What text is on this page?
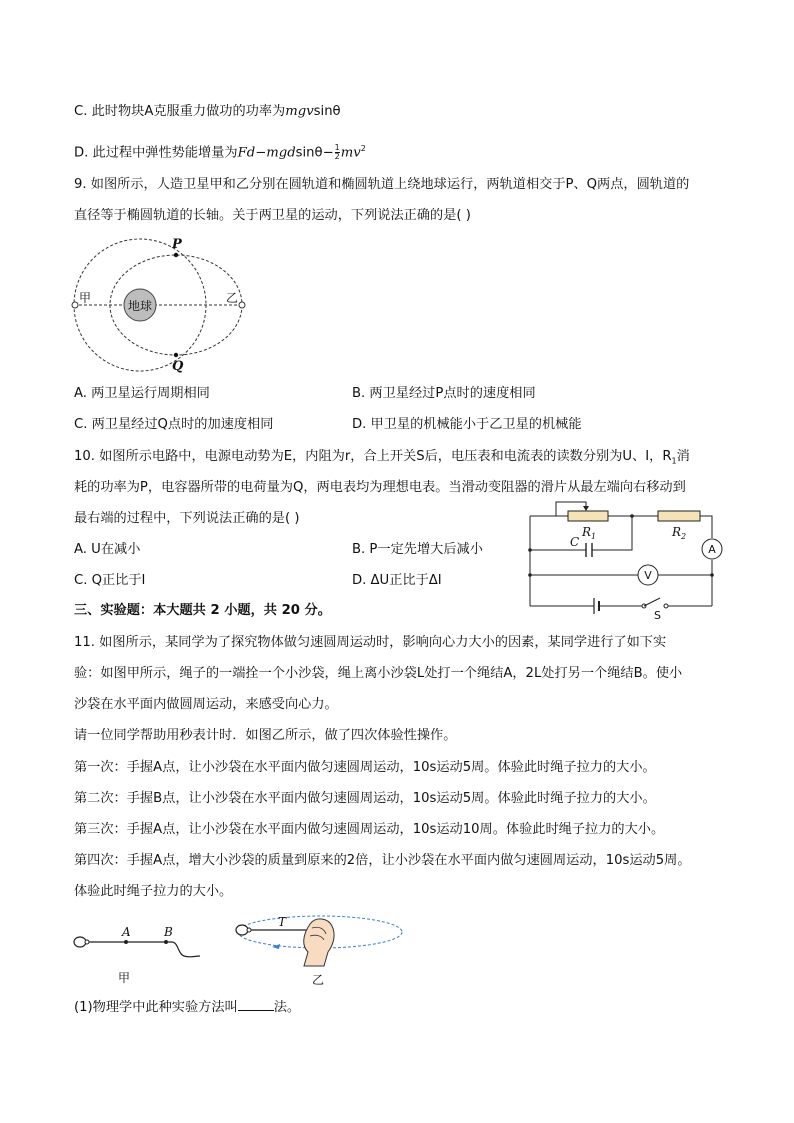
C. 此时物块A克服重力做功的功率为mgvsinθ
D. 此过程中弹性势能增量为$Fd-mgdsin\theta- \frac{1}{2} mv^2$
9. 如图所示，人造卫星甲和乙分别在圆轨道和椭圆轨道上绕地球运行，两轨道相交于P、Q两点，圆轨道的
直径等于椭圆轨道的长轴。关于两卫星的运动，下列说法正确的是( )
地球
甲	乙
P
Q
A. 两卫星运行周期相同	B. 两卫星经过P点时的速度相同
C. 两卫星经过Q点时的加速度相同	D. 甲卫星的机械能小于乙卫星的机械能
10. 如图所示电路中，电源电动势为E，内阻为r，合上开关S后，电压表和电流表的读数分别为U、I，$R_1$消
耗的功率为P，电容器所带的电荷量为Q，两电表均为理想电表。当滑动变阻器的滑片从最左端向右移动到
最右端的过程中，下列说法正确的是( )
A. U在减小	B. P一定先增大后减小
C. Q正比于I	D. ΔU正比于ΔI
$R_1$	$R_2$
C
A
V
S
三、实验题：本大题共 2 小题，共 20 分。
11. 如图所示，某同学为了探究物体做匀速圆周运动时，影响向心力大小的因素，某同学进行了如下实
验：如图甲所示，绳子的一端拴一个小沙袋，绳上离小沙袋L处打一个绳结A，2L处打另一个绳结B。使小
沙袋在水平面内做圆周运动，来感受向心力。
请一位同学帮助用秒表计时．如图乙所示，做了四次体验性操作。
第一次：手握A点，让小沙袋在水平面内做匀速圆周运动，10s运动5周。体验此时绳子拉力的大小。
第二次：手握B点，让小沙袋在水平面内做匀速圆周运动，10s运动5周。体验此时绳子拉力的大小。
第三次：手握A点，让小沙袋在水平面内做匀速圆周运动，10s运动10周。体验此时绳子拉力的大小。
第四次：手握A点，增大小沙袋的质量到原来的2倍，让小沙袋在水平面内做匀速圆周运动，10s运动5周。
体验此时绳子拉力的大小。
A	B
甲
T
乙
(1)物理学中此种实验方法叫	法。
